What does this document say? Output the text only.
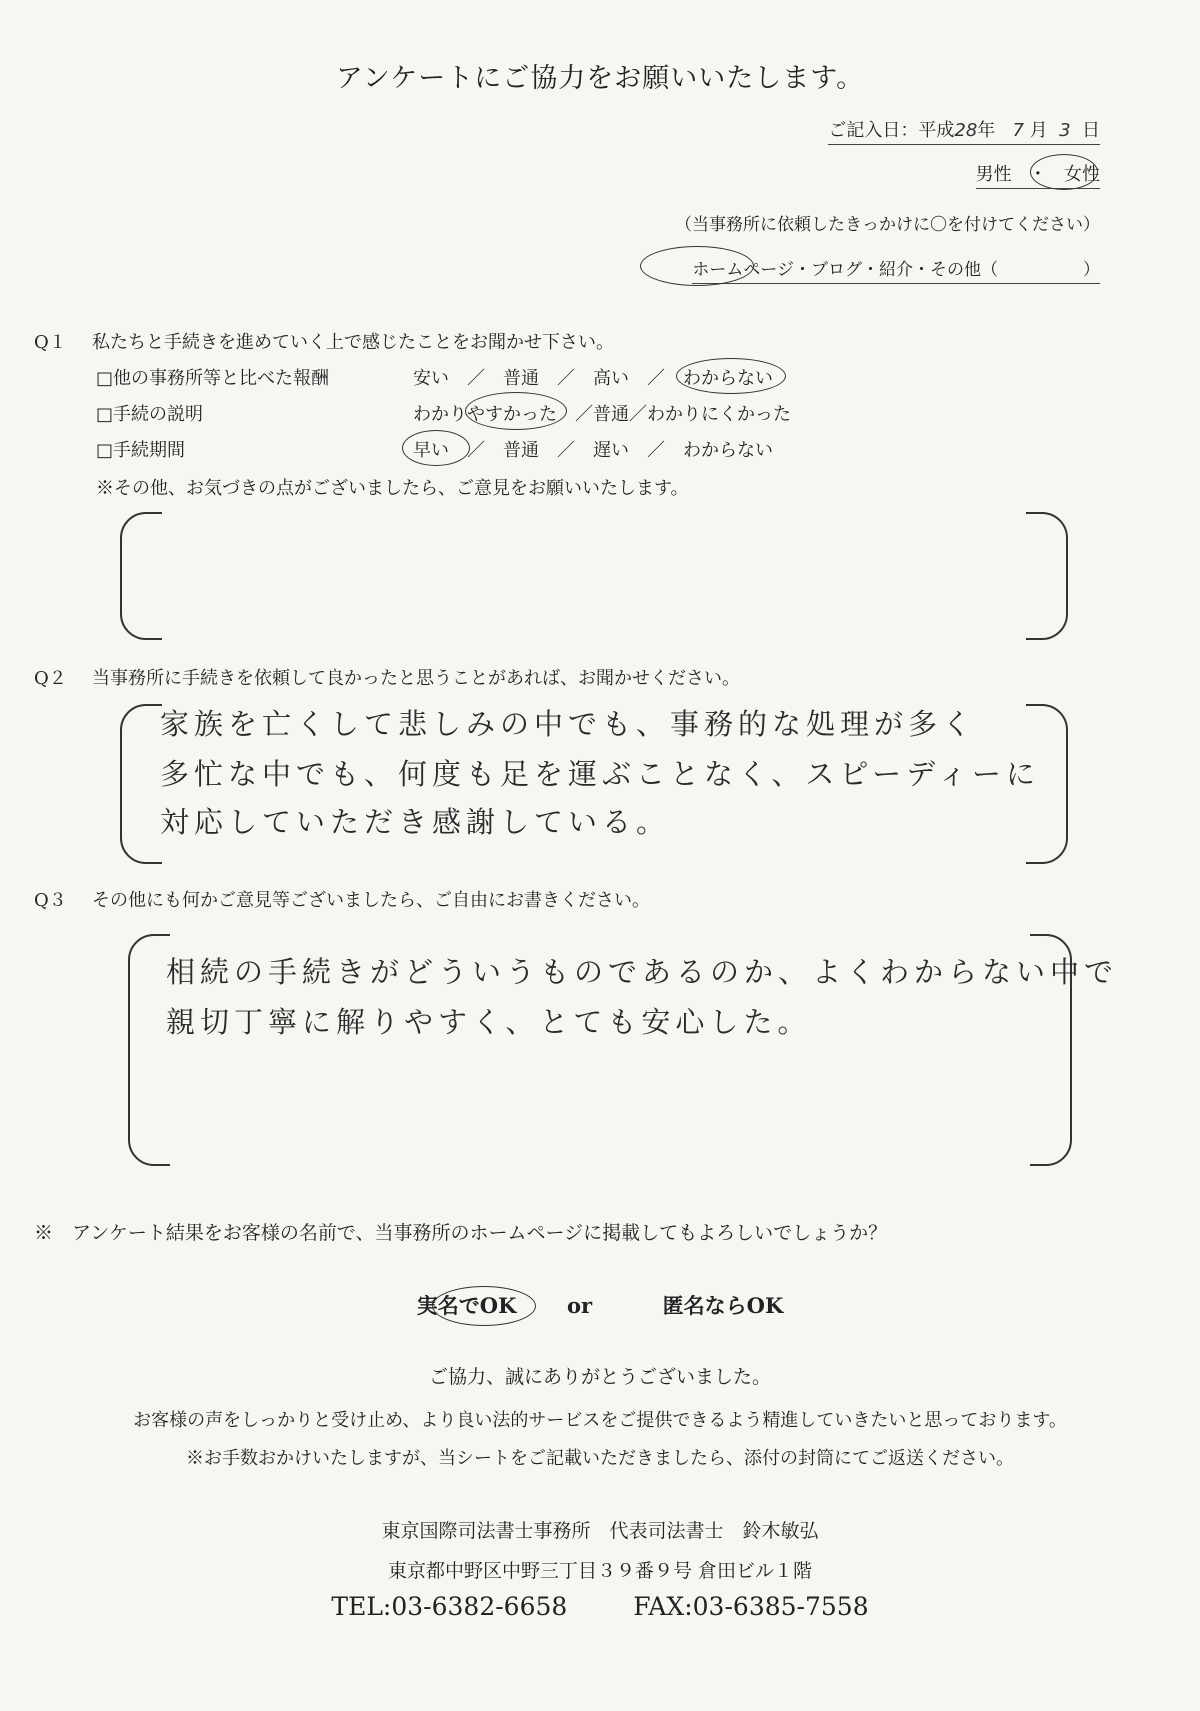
アンケートにご協力をお願いいたします。
ご記入日：平成28年 7 月 3 日
男性 ・ 女性
（当事務所に依頼したきっかけに〇を付けてください）
ホームページ・ブログ・紹介・その他（　　　　　）
Q１ 私たちと手続きを進めていく上で感じたことをお聞かせ下さい。
□他の事務所等と比べた報酬	安い　／　普通　／　高い　／　わからない
□手続の説明	わかりやすかった　／普通／わかりにくかった
□手続期間	早い　／　普通　／　遅い　／　わからない
※その他、お気づきの点がございましたら、ご意見をお願いいたします。
Q２ 当事務所に手続きを依頼して良かったと思うことがあれば、お聞かせください。
家族を亡くして悲しみの中でも、事務的な処理が多く
多忙な中でも、何度も足を運ぶことなく、スピーディーに
対応していただき感謝している。
Q３ その他にも何かご意見等ございましたら、ご自由にお書きください。
相続の手続きがどういうものであるのか、よくわからない中で
親切丁寧に解りやすく、とても安心した。
※　アンケート結果をお客様の名前で、当事務所のホームページに掲載してもよろしいでしょうか？
実名でOK or	匿名ならOK
ご協力、誠にありがとうございました。
お客様の声をしっかりと受け止め、より良い法的サービスをご提供できるよう精進していきたいと思っております。
※お手数おかけいたしますが、当シートをご記載いただきましたら、添付の封筒にてご返送ください。
東京国際司法書士事務所　代表司法書士　鈴木敏弘
東京都中野区中野三丁目３９番９号 倉田ビル１階
TEL:03-6382-6658	FAX:03-6385-7558
